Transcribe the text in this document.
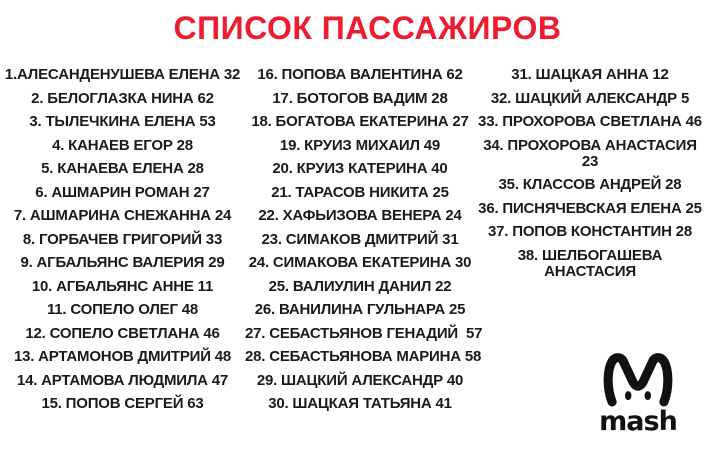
СПИСОК ПАССАЖИРОВ
1.АЛЕСАНДЕНУШЕВА ЕЛЕНА 32
2. БЕЛОГЛАЗКА НИНА 62
3. ТЫЛЕЧКИНА ЕЛЕНА 53
4. КАНАЕВ ЕГОР 28
5. КАНАЕВА ЕЛЕНА 28
6. АШМАРИН РОМАН 27
7. АШМАРИНА СНЕЖАННА 24
8. ГОРБАЧЕВ ГРИГОРИЙ 33
9. АГБАЛЬЯНС ВАЛЕРИЯ 29
10. АГБАЛЬЯНС АННЕ 11
11. СОПЕЛО ОЛЕГ 48
12. СОПЕЛО СВЕТЛАНА 46
13. АРТАМОНОВ ДМИТРИЙ 48
14. АРТАМОВА ЛЮДМИЛА 47
15. ПОПОВ СЕРГЕЙ 63
16. ПОПОВА ВАЛЕНТИНА 62
17. БОТОГОВ ВАДИМ 28
18. БОГАТОВА ЕКАТЕРИНА 27
19. КРУИЗ МИХАИЛ 49
20. КРУИЗ КАТЕРИНА 40
21. ТАРАСОВ НИКИТА 25
22. ХАФЬИЗОВА ВЕНЕРА 24
23. СИМАКОВ ДМИТРИЙ 31
24. СИМАКОВА ЕКАТЕРИНА 30
25. ВАЛИУЛИН ДАНИЛ 22
26. ВАНИЛИНА ГУЛЬНАРА 25
27. СЕБАСТЬЯНОВ ГЕНАДИЙ  57
28. СЕБАСТЬЯНОВА МАРИНА 58
29. ШАЦКИЙ АЛЕКСАНДР 40
30. ШАЦКАЯ ТАТЬЯНА 41
31. ШАЦКАЯ АННА 12
32. ШАЦКИЙ АЛЕКСАНДР 5
33. ПРОХОРОВА СВЕТЛАНА 46
34. ПРОХОРОВА АНАСТАСИЯ
23
35. КЛАССОВ АНДРЕЙ 28
36. ПИСНЯЧЕВСКАЯ ЕЛЕНА 25
37. ПОПОВ КОНСТАНТИН 28
38. ШЕЛБОГАШЕВА
АНАСТАСИЯ
mash
